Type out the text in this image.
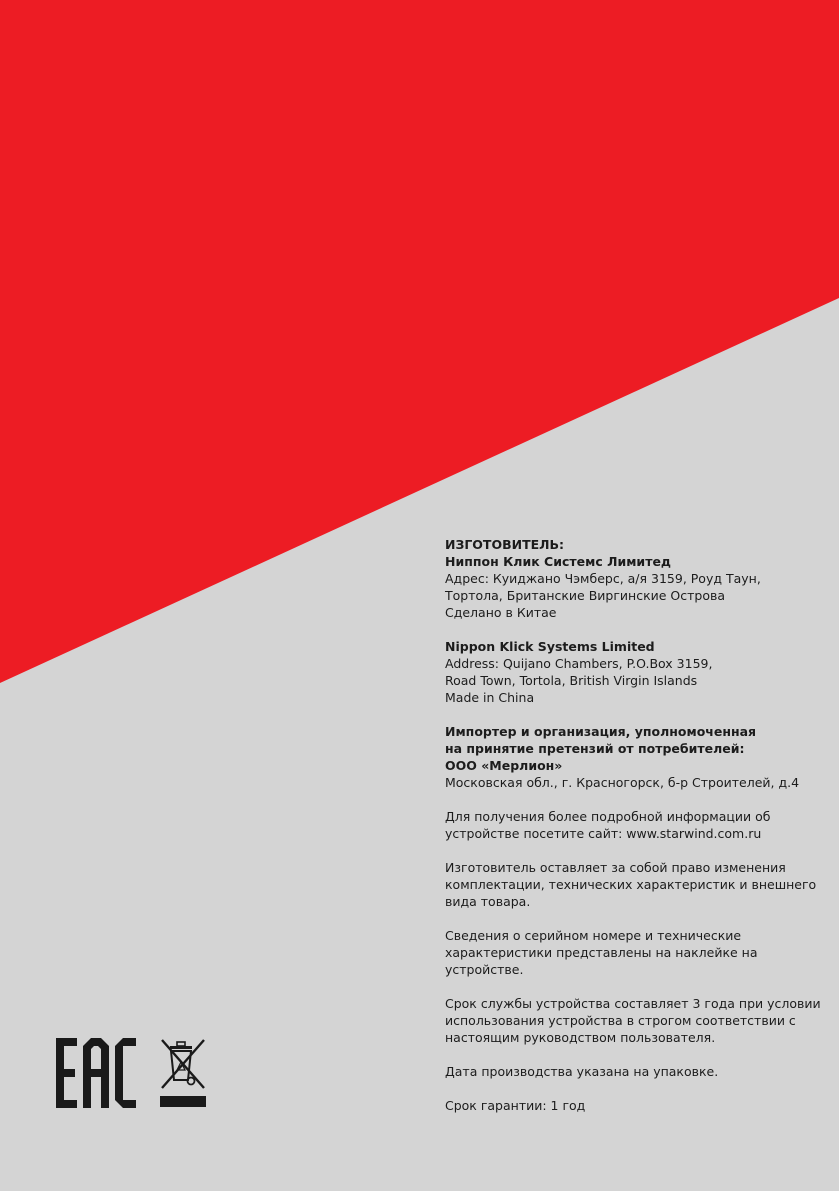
ИЗГОТОВИТЕЛЬ:
Ниппон Клик Системс Лимитед
Адрес: Куиджано Чэмберс, а/я 3159, Роуд Таун,
Тортола, Британские Виргинские Острова
Сделано в Китае

Nippon Klick Systems Limited
Address: Quijano Chambers, P.O.Box 3159,
Road Town, Tortola, British Virgin Islands
Made in China

Импортер и организация, уполномоченная
на принятие претензий от потребителей:
ООО «Мерлион»
Московская обл., г. Красногорск, б-р Строителей, д.4

Для получения более подробной информации об
устройстве посетите сайт: www.starwind.com.ru

Изготовитель оставляет за собой право изменения
комплектации, технических характеристик и внешнего
вида товара.

Сведения о серийном номере и технические
характеристики представлены на наклейке на
устройстве.

Срок службы устройства составляет 3 года при условии
использования устройства в строгом соответствии с
настоящим руководством пользователя.

Дата производства указана на упаковке.

Срок гарантии: 1 год
